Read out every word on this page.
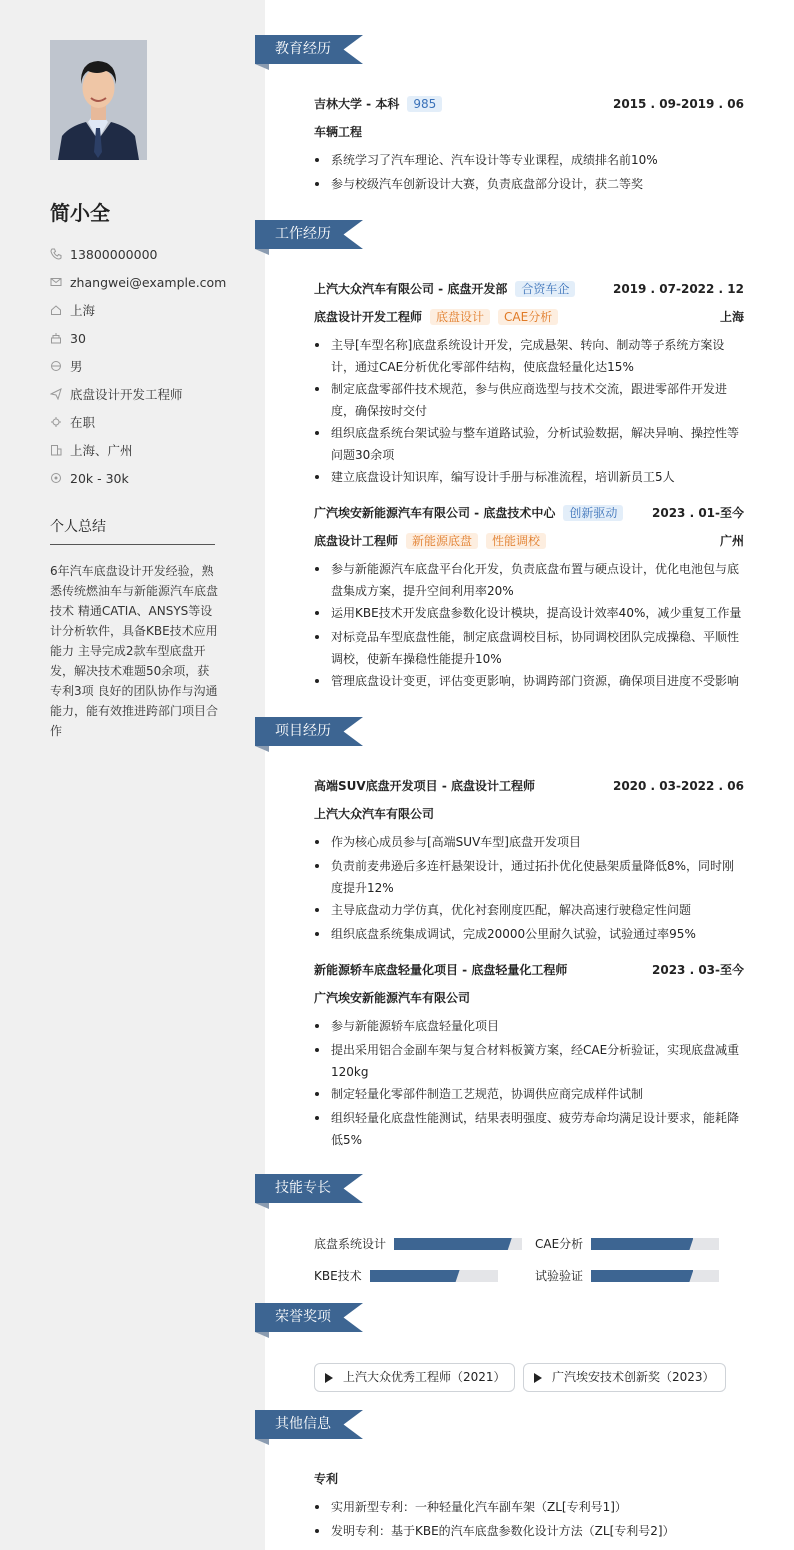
简小全
13800000000
zhangwei@example.com
上海
30
男
底盘设计开发工程师
在职
上海、广州
20k - 30k
个人总结
6年汽车底盘设计开发经验，熟悉传统燃油车与新能源汽车底盘技术 精通CATIA、ANSYS等设计分析软件，具备KBE技术应用能力 主导完成2款车型底盘开发，解决技术难题50余项，获专利3项 良好的团队协作与沟通能力，能有效推进跨部门项目合作
教育经历
吉林大学 - 本科	985	2015 . 09-2019 . 06
车辆工程
系统学习了汽车理论、汽车设计等专业课程，成绩排名前10%
参与校级汽车创新设计大赛，负责底盘部分设计，获二等奖
工作经历
上汽大众汽车有限公司 - 底盘开发部	合资车企	2019 . 07-2022 . 12
底盘设计开发工程师	底盘设计	CAE分析	上海
主导[车型名称]底盘系统设计开发，完成悬架、转向、制动等子系统方案设计，通过CAE分析优化零部件结构，使底盘轻量化达15%
制定底盘零部件技术规范，参与供应商选型与技术交流，跟进零部件开发进度，确保按时交付
组织底盘系统台架试验与整车道路试验，分析试验数据，解决异响、操控性等问题30余项
建立底盘设计知识库，编写设计手册与标准流程，培训新员工5人
广汽埃安新能源汽车有限公司 - 底盘技术中心	创新驱动	2023 . 01-至今
底盘设计工程师	新能源底盘	性能调校	广州
参与新能源汽车底盘平台化开发，负责底盘布置与硬点设计，优化电池包与底盘集成方案，提升空间利用率20%
运用KBE技术开发底盘参数化设计模块，提高设计效率40%，减少重复工作量
对标竞品车型底盘性能，制定底盘调校目标，协同调校团队完成操稳、平顺性调校，使新车操稳性能提升10%
管理底盘设计变更，评估变更影响，协调跨部门资源，确保项目进度不受影响
项目经历
高端SUV底盘开发项目 - 底盘设计工程师	2020 . 03-2022 . 06
上汽大众汽车有限公司
作为核心成员参与[高端SUV车型]底盘开发项目
负责前麦弗逊后多连杆悬架设计，通过拓扑优化使悬架质量降低8%，同时刚度提升12%
主导底盘动力学仿真，优化衬套刚度匹配，解决高速行驶稳定性问题
组织底盘系统集成调试，完成20000公里耐久试验，试验通过率95%
新能源轿车底盘轻量化项目 - 底盘轻量化工程师	2023 . 03-至今
广汽埃安新能源汽车有限公司
参与新能源轿车底盘轻量化项目
提出采用铝合金副车架与复合材料板簧方案，经CAE分析验证，实现底盘减重120kg
制定轻量化零部件制造工艺规范，协调供应商完成样件试制
组织轻量化底盘性能测试，结果表明强度、疲劳寿命均满足设计要求，能耗降低5%
技能专长
底盘系统设计	CAE分析
KBE技术	试验验证
荣誉奖项
上汽大众优秀工程师（2021）	广汽埃安技术创新奖（2023）
其他信息
专利
实用新型专利：一种轻量化汽车副车架（ZL[专利号1]）
发明专利：基于KBE的汽车底盘参数化设计方法（ZL[专利号2]）
